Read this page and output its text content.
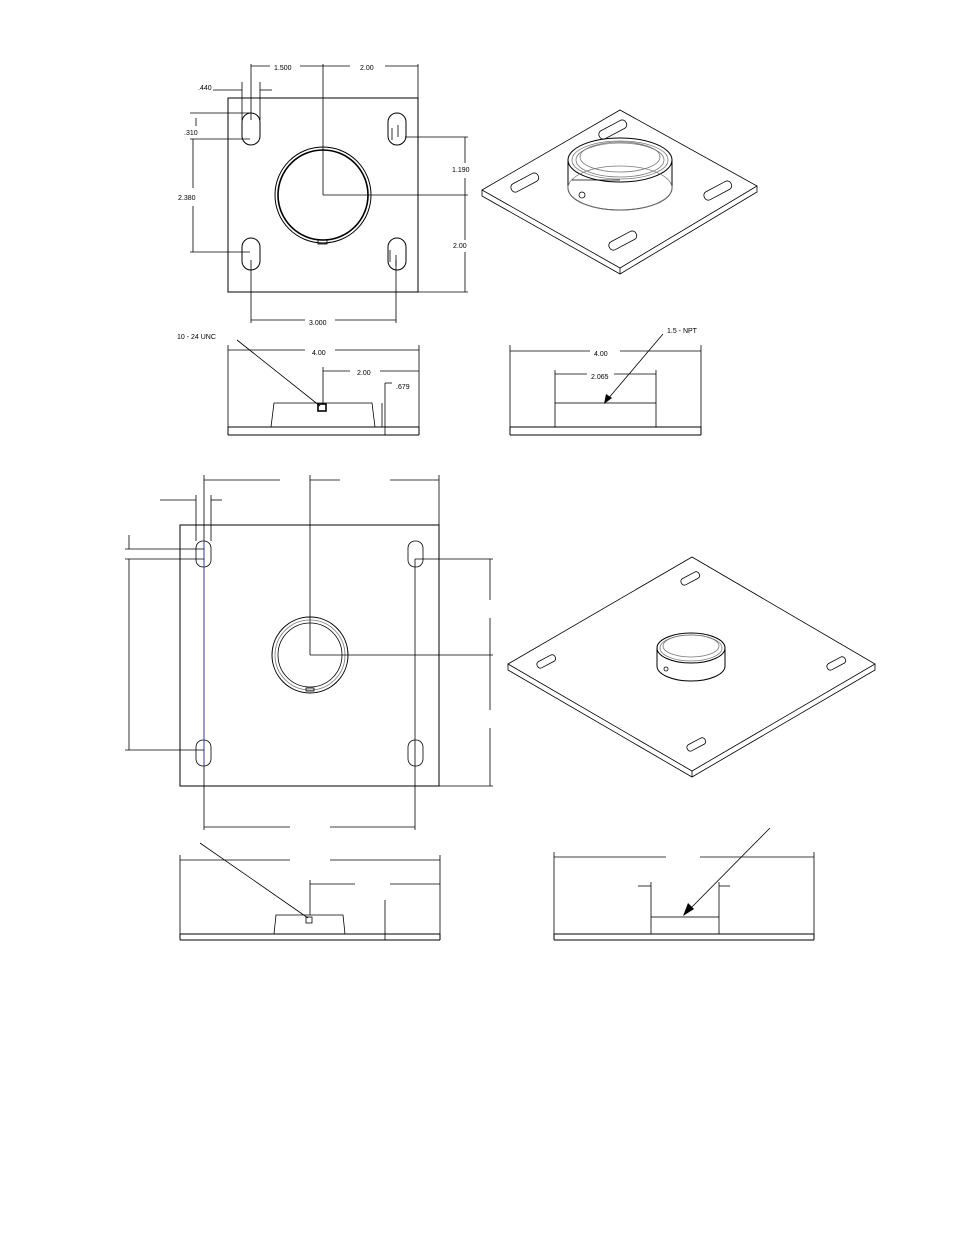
1.500	2.00
.440
.310
2.380
1.190
2.00
3.000
10 - 24 UNC
4.00
2.00
.679
4.00
2.065
1.5 - NPT
